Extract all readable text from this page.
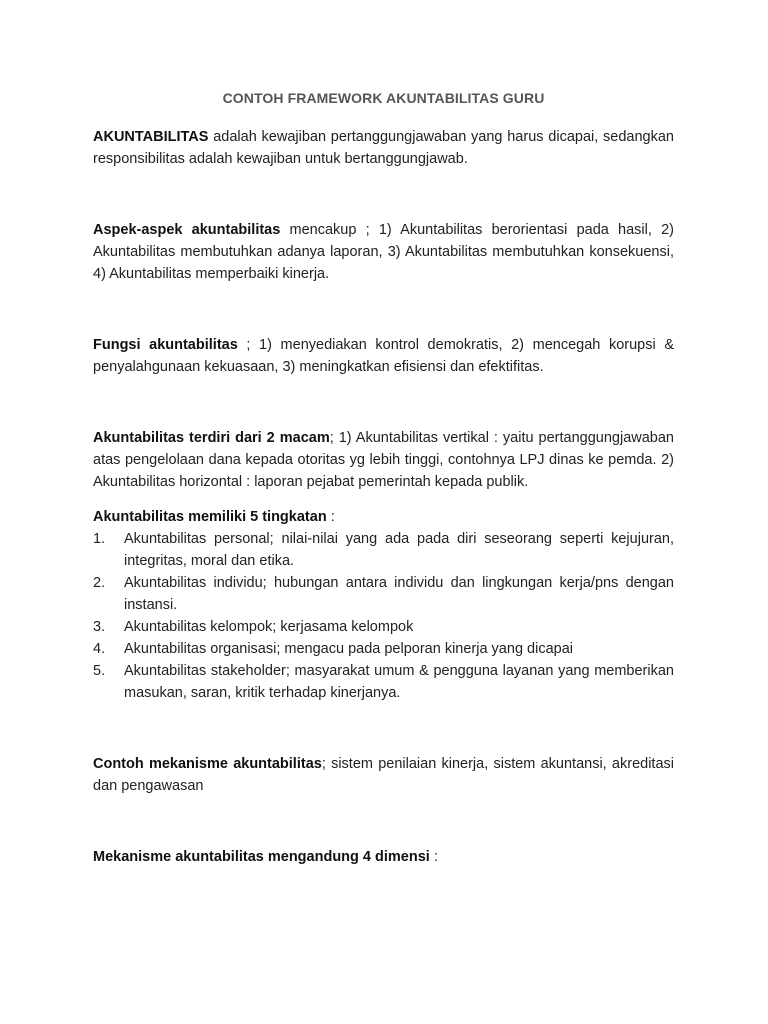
CONTOH FRAMEWORK AKUNTABILITAS GURU

AKUNTABILITAS adalah kewajiban pertanggungjawaban yang harus dicapai, sedangkan responsibilitas adalah kewajiban untuk bertanggungjawab.

Aspek-aspek akuntabilitas mencakup ; 1) Akuntabilitas berorientasi pada hasil, 2) Akuntabilitas membutuhkan adanya laporan, 3) Akuntabilitas membutuhkan konsekuensi, 4) Akuntabilitas memperbaiki kinerja.

Fungsi akuntabilitas ; 1) menyediakan kontrol demokratis, 2) mencegah korupsi & penyalahgunaan kekuasaan, 3) meningkatkan efisiensi dan efektifitas.

Akuntabilitas terdiri dari 2 macam; 1) Akuntabilitas vertikal : yaitu pertanggungjawaban atas pengelolaan dana kepada otoritas yg lebih tinggi, contohnya LPJ dinas ke pemda. 2) Akuntabilitas horizontal : laporan pejabat pemerintah kepada publik.

Akuntabilitas memiliki 5 tingkatan :

1. Akuntabilitas personal; nilai-nilai yang ada pada diri seseorang seperti kejujuran, integritas, moral dan etika.
2. Akuntabilitas individu; hubungan antara individu dan lingkungan kerja/pns dengan instansi.
3. Akuntabilitas kelompok; kerjasama kelompok
4. Akuntabilitas organisasi; mengacu pada pelporan kinerja yang dicapai
5. Akuntabilitas stakeholder; masyarakat umum & pengguna layanan yang memberikan masukan, saran, kritik terhadap kinerjanya.

Contoh mekanisme akuntabilitas; sistem penilaian kinerja, sistem akuntansi, akreditasi dan pengawasan

Mekanisme akuntabilitas mengandung 4 dimensi :
